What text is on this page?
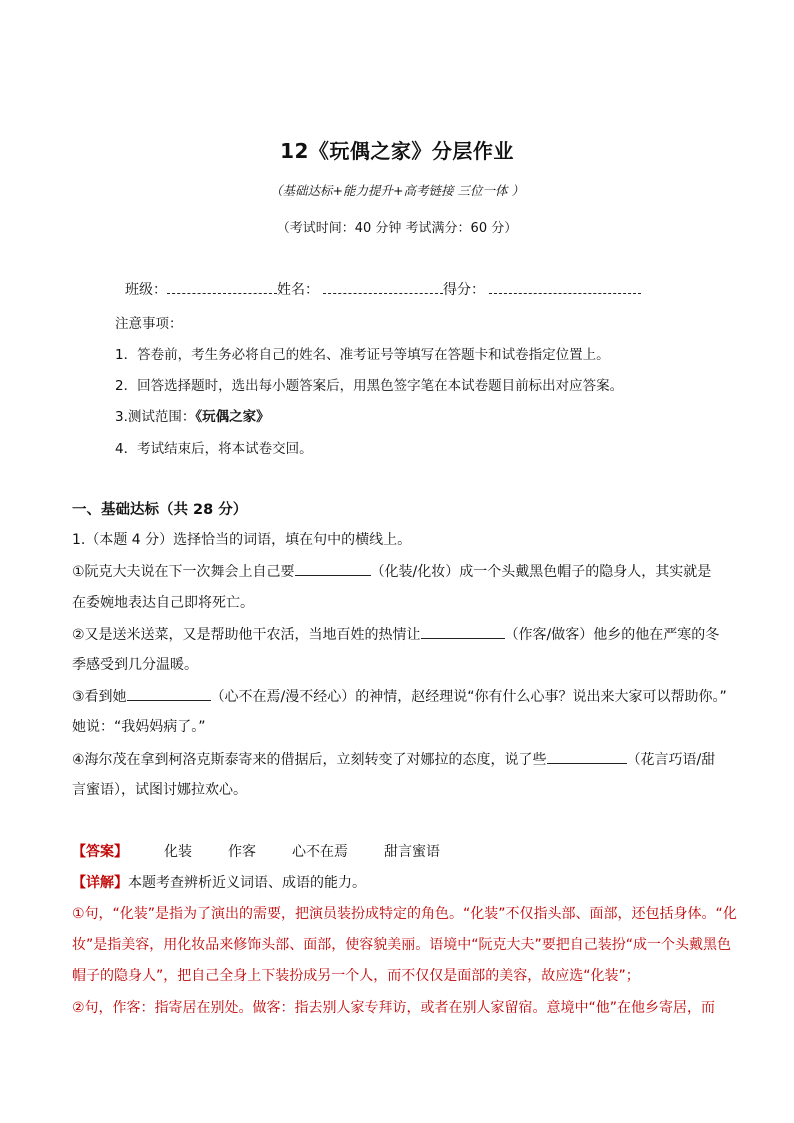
12《玩偶之家》分层作业
（基础达标+能力提升+高考链接 三位一体 ）
（考试时间：40 分钟 考试满分：60 分）
班级：	姓名：	得分：
注意事项：
1．答卷前，考生务必将自己的姓名、准考证号等填写在答题卡和试卷指定位置上。
2．回答选择题时，选出每小题答案后，用黑色签字笔在本试卷题目前标出对应答案。
3.测试范围：《玩偶之家》
4．考试结束后，将本试卷交回。
一、基础达标（共 28 分）
1.（本题 4 分）选择恰当的词语，填在句中的横线上。
①阮克大夫说在下一次舞会上自己要	（化装/化妆）成一个头戴黑色帽子的隐身人，其实就是
在委婉地表达自己即将死亡。
②又是送米送菜，又是帮助他干农活，当地百姓的热情让	（作客/做客）他乡的他在严寒的冬
季感受到几分温暖。
③看到她	（心不在焉/漫不经心）的神情，赵经理说“你有什么心事？说出来大家可以帮助你。”
她说：“我妈妈病了。”
④海尔茂在拿到柯洛克斯泰寄来的借据后，立刻转变了对娜拉的态度，说了些	（花言巧语/甜
言蜜语），试图讨娜拉欢心。
【答案】	化装	作客	心不在焉	甜言蜜语
【详解】本题考查辨析近义词语、成语的能力。
①句，“化装”是指为了演出的需要，把演员装扮成特定的角色。“化装”不仅指头部、面部，还包括身体。“化
妆”是指美容，用化妆品来修饰头部、面部，使容貌美丽。语境中“阮克大夫”要把自己装扮“成一个头戴黑色
帽子的隐身人”，把自己全身上下装扮成另一个人，而不仅仅是面部的美容，故应选“化装”；
②句，作客：指寄居在别处。做客：指去别人家专拜访，或者在别人家留宿。意境中“他”在他乡寄居，而
